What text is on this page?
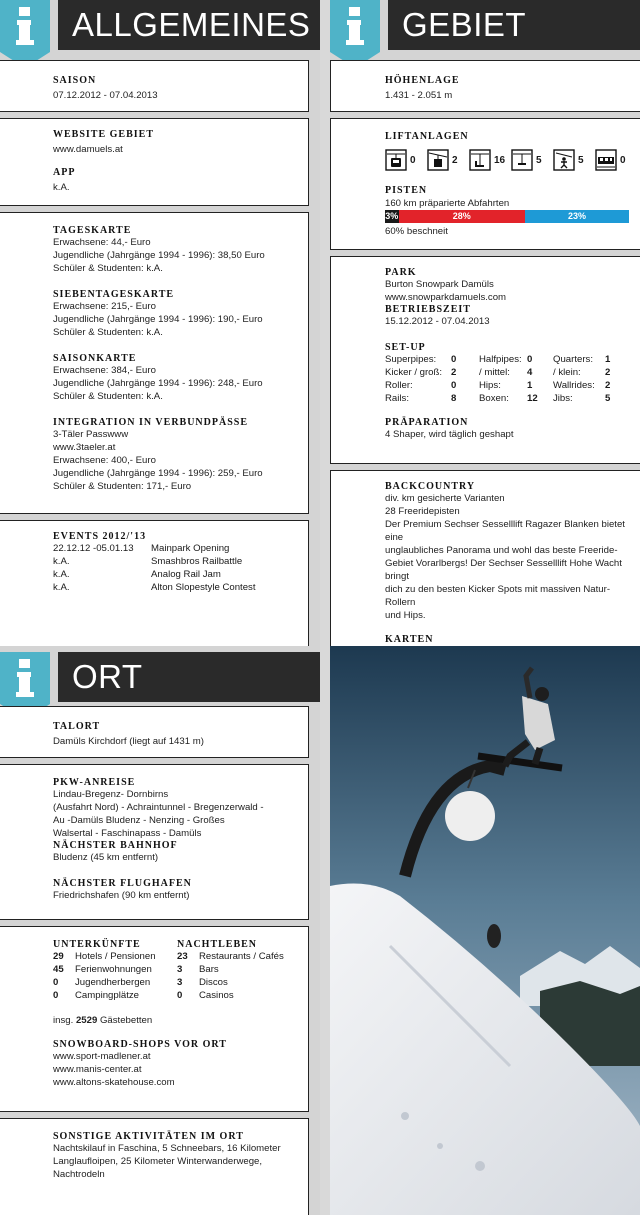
ALLGEMEINES
SAISON
07.12.2012 - 07.04.2013
WEBSITE GEBIET
www.damuels.at
APP
k.A.
TAGESKARTE
Erwachsene: 44,- Euro
Jugendliche (Jahrgänge 1994 - 1996): 38,50 Euro
Schüler & Studenten: k.A.
SIEBENTAGESKARTE
Erwachsene: 215,- Euro
Jugendliche (Jahrgänge 1994 - 1996): 190,- Euro
Schüler & Studenten: k.A.
SAISONKARTE
Erwachsene: 384,- Euro
Jugendliche (Jahrgänge 1994 - 1996): 248,- Euro
Schüler & Studenten: k.A.
INTEGRATION IN VERBUNDPÄSSE
3-Täler Passwww
www.3taeler.at
Erwachsene: 400,- Euro
Jugendliche (Jahrgänge 1994 - 1996): 259,- Euro
Schüler & Studenten: 171,- Euro
EVENTS 2012/'13
22.12.12 -05.01.13	Mainpark Opening
k.A.	Smashbros Railbattle
k.A.	Analog Rail Jam
k.A.	Alton Slopestyle Contest
GEBIET
HÖHENLAGE
1.431 - 2.051 m
LIFTANLAGEN
0	2	16	5	5	0
PISTEN
160 km präparierte Abfahrten
3%	28%	23%
60% beschneit
PARK
Burton Snowpark Damüls
www.snowparkdamuels.com
BETRIEBSZEIT
15.12.2012 - 07.04.2013
SET-UP
Superpipes:	0	Halfpipes: 0	Quarters:	1
Kicker / groß: 2	/ mittel:	4	/ klein:	2
Roller:	0	Hips:	1	Wallrides:	2
Rails:	8	Boxen:	12	Jibs:	5
PRÄPARATION
4 Shaper, wird täglich geshapt
BACKCOUNTRY
div. km gesicherte Varianten
28 Freeridepisten
Der Premium Sechser Sesselllift Ragazer Blanken bietet eine
unglaubliches Panorama und wohl das beste Freeride-
Gebiet Vorarlbergs! Der Sechser Sesselllift Hohe Wacht bringt
dich zu den besten Kicker Spots mit massiven Natur-Rollern
und Hips.
KARTEN
ORT
TALORT
Damüls Kirchdorf (liegt auf 1431 m)
PKW-ANREISE
Lindau-Bregenz- Dornbirns
(Ausfahrt Nord) - Achraintunnel - Bregenzerwald -
Au -Damüls Bludenz - Nenzing - Großes
Walsertal - Faschinapass - Damüls
NÄCHSTER BAHNHOF
Bludenz (45 km entfernt)
NÄCHSTER FLUGHAFEN
Friedrichshafen (90 km entfernt)
UNTERKÜNFTE
29	Hotels / Pensionen
45	Ferienwohnungen
0	Jugendherbergen
0	Campingplätze
NACHTLEBEN
23	Restaurants / Cafés
3	Bars
3	Discos
0	Casinos
insg. 2529 Gästebetten
SNOWBOARD-SHOPS VOR ORT
www.sport-madlener.at
www.manis-center.at
www.altons-skatehouse.com
SONSTIGE AKTIVITÄTEN IM ORT
Nachtskilauf in Faschina, 5 Schneebars, 16 Kilometer
Langlaufloipen, 25 Kilometer Winterwanderwege,
Nachtrodeln
